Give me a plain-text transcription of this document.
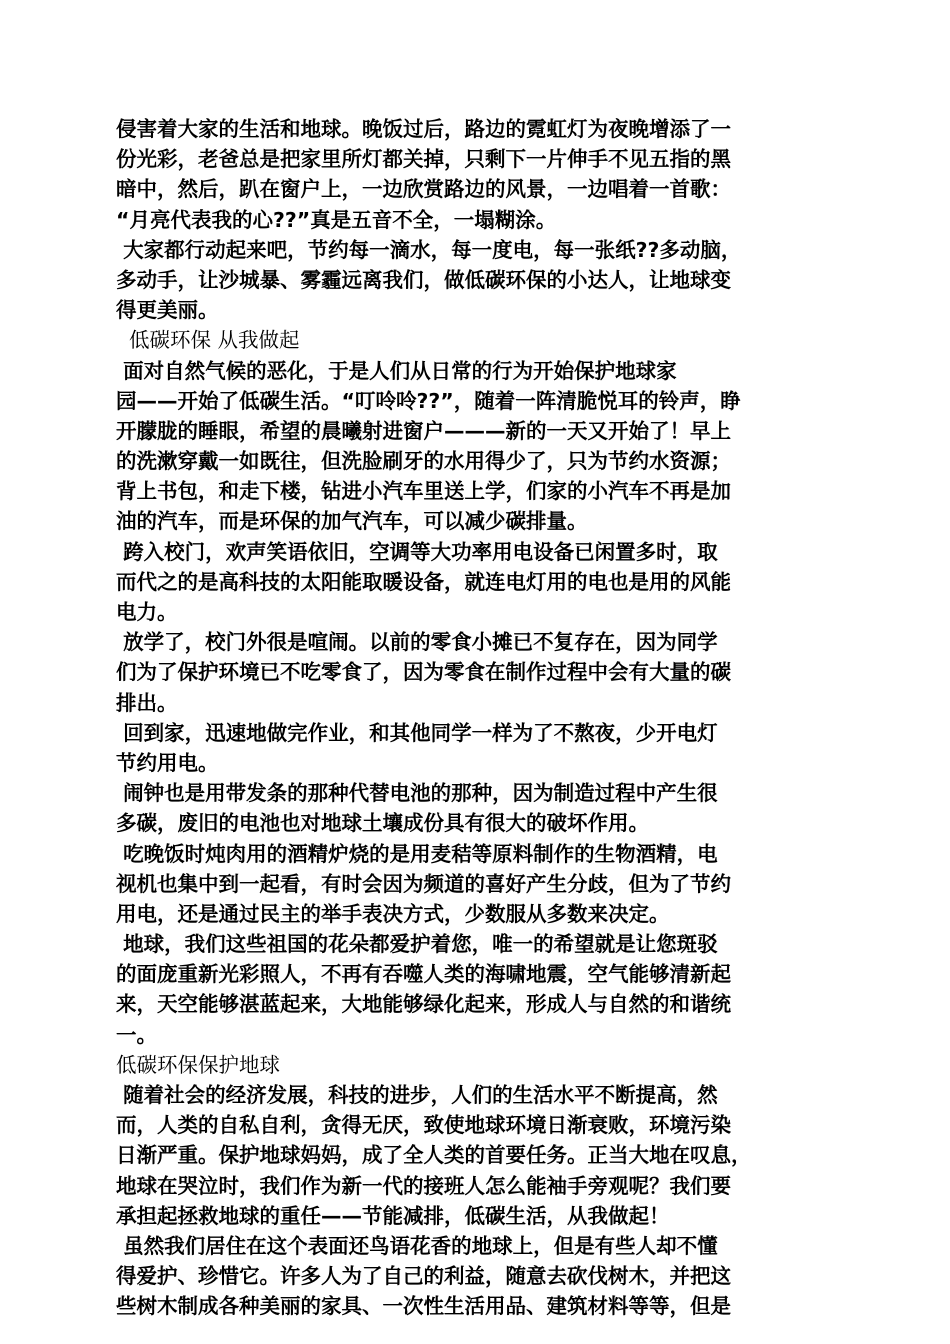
侵害着大家的生活和地球。晚饭过后，路边的霓虹灯为夜晚增添了一
份光彩，老爸总是把家里所灯都关掉，只剩下一片伸手不见五指的黑
暗中，然后，趴在窗户上，一边欣赏路边的风景，一边唱着一首歌：
“月亮代表我的心??”真是五音不全，一塌糊涂。
大家都行动起来吧，节约每一滴水，每一度电，每一张纸??多动脑，
多动手，让沙城暴、雾霾远离我们，做低碳环保的小达人，让地球变
得更美丽。
低碳环保 从我做起
面对自然气候的恶化，于是人们从日常的行为开始保护地球家
园——开始了低碳生活。“叮呤呤??”，随着一阵清脆悦耳的铃声，睁
开朦胧的睡眼，希望的晨曦射进窗户———新的一天又开始了！早上
的洗漱穿戴一如既往，但洗脸刷牙的水用得少了，只为节约水资源；
背上书包，和走下楼，钻进小汽车里送上学，们家的小汽车不再是加
油的汽车，而是环保的加气汽车，可以减少碳排量。
跨入校门，欢声笑语依旧，空调等大功率用电设备已闲置多时，取
而代之的是高科技的太阳能取暖设备，就连电灯用的电也是用的风能
电力。
放学了，校门外很是喧闹。以前的零食小摊已不复存在，因为同学
们为了保护环境已不吃零食了，因为零食在制作过程中会有大量的碳
排出。
回到家，迅速地做完作业，和其他同学一样为了不熬夜，少开电灯
节约用电。
闹钟也是用带发条的那种代替电池的那种，因为制造过程中产生很
多碳，废旧的电池也对地球土壤成份具有很大的破坏作用。
吃晚饭时炖肉用的酒精炉烧的是用麦秸等原料制作的生物酒精，电
视机也集中到一起看，有时会因为频道的喜好产生分歧，但为了节约
用电，还是通过民主的举手表决方式，少数服从多数来决定。
地球，我们这些祖国的花朵都爱护着您，唯一的希望就是让您斑驳
的面庞重新光彩照人，不再有吞噬人类的海啸地震，空气能够清新起
来，天空能够湛蓝起来，大地能够绿化起来，形成人与自然的和谐统
一。
低碳环保保护地球
随着社会的经济发展，科技的进步，人们的生活水平不断提高，然
而，人类的自私自利，贪得无厌，致使地球环境日渐衰败，环境污染
日渐严重。保护地球妈妈，成了全人类的首要任务。正当大地在叹息，
地球在哭泣时，我们作为新一代的接班人怎么能袖手旁观呢？我们要
承担起拯救地球的重任——节能减排，低碳生活，从我做起！
虽然我们居住在这个表面还鸟语花香的地球上，但是有些人却不懂
得爱护、珍惜它。许多人为了自己的利益，随意去砍伐树木，并把这
些树木制成各种美丽的家具、一次性生活用品、建筑材料等等，但是
